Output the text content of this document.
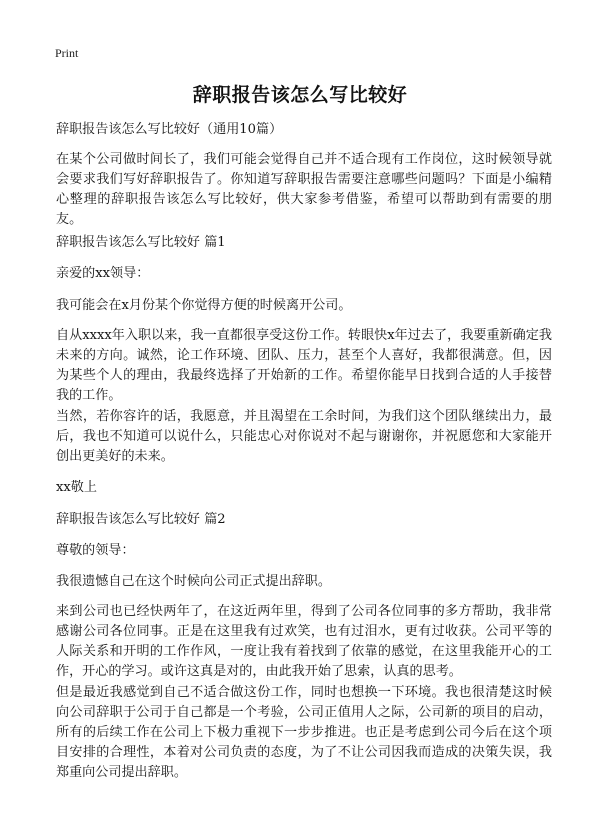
Print
辞职报告该怎么写比较好
辞职报告该怎么写比较好（通用10篇）
在某个公司做时间长了，我们可能会觉得自己并不适合现有工作岗位，这时候领导就会要求我们写好辞职报告了。你知道写辞职报告需要注意哪些问题吗？下面是小编精心整理的辞职报告该怎么写比较好，供大家参考借鉴，希望可以帮助到有需要的朋友。
辞职报告该怎么写比较好 篇1
亲爱的xx领导：
我可能会在x月份某个你觉得方便的时候离开公司。
自从xxxx年入职以来，我一直都很享受这份工作。转眼快x年过去了，我要重新确定我未来的方向。诚然，论工作环境、团队、压力，甚至个人喜好，我都很满意。但，因为某些个人的理由，我最终选择了开始新的工作。希望你能早日找到合适的人手接替我的工作。
当然，若你容许的话，我愿意，并且渴望在工余时间，为我们这个团队继续出力，最后，我也不知道可以说什么，只能忠心对你说对不起与谢谢你，并祝愿您和大家能开创出更美好的未来。
xx敬上
辞职报告该怎么写比较好 篇2
尊敬的领导：
我很遗憾自己在这个时候向公司正式提出辞职。
来到公司也已经快两年了，在这近两年里，得到了公司各位同事的多方帮助，我非常感谢公司各位同事。正是在这里我有过欢笑，也有过泪水，更有过收获。公司平等的人际关系和开明的工作作风，一度让我有着找到了依靠的感觉，在这里我能开心的工作，开心的学习。或许这真是对的，由此我开始了思索，认真的思考。
但是最近我感觉到自己不适合做这份工作，同时也想换一下环境。我也很清楚这时候向公司辞职于公司于自己都是一个考验，公司正值用人之际，公司新的项目的启动，所有的后续工作在公司上下极力重视下一步步推进。也正是考虑到公司今后在这个项目安排的合理性，本着对公司负责的态度，为了不让公司因我而造成的决策失误，我郑重向公司提出辞职。
